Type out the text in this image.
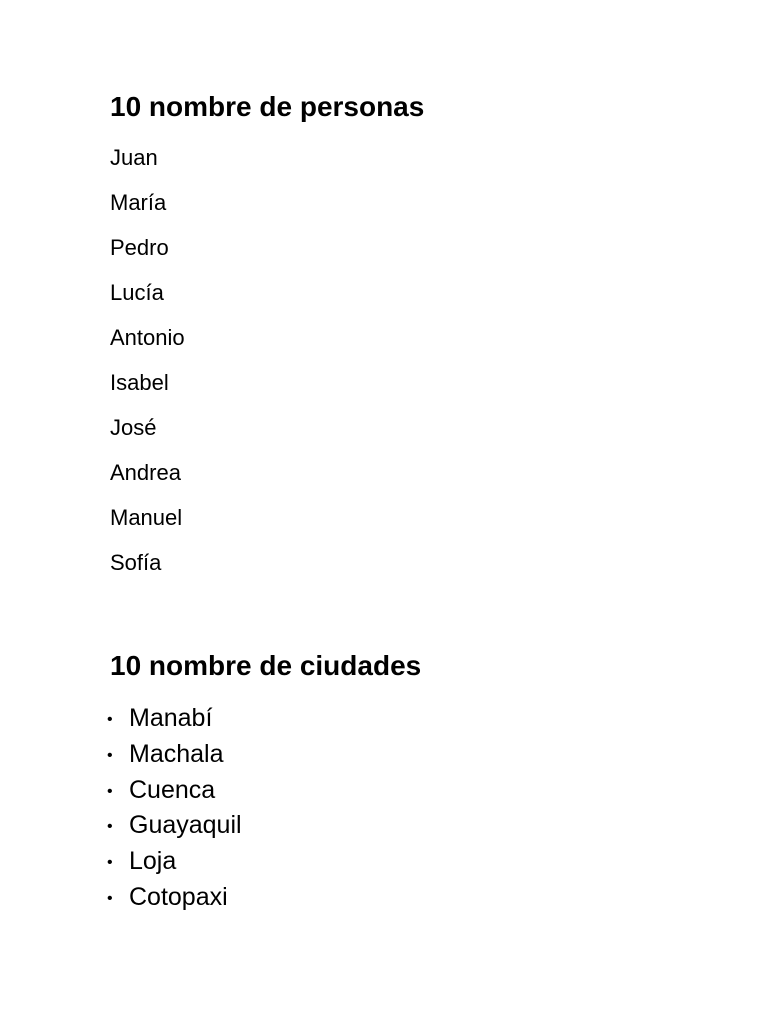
10 nombre de personas
Juan
María
Pedro
Lucía
Antonio
Isabel
José
Andrea
Manuel
Sofía
10 nombre de ciudades
• Manabí
• Machala
• Cuenca
• Guayaquil
• Loja
• Cotopaxi
